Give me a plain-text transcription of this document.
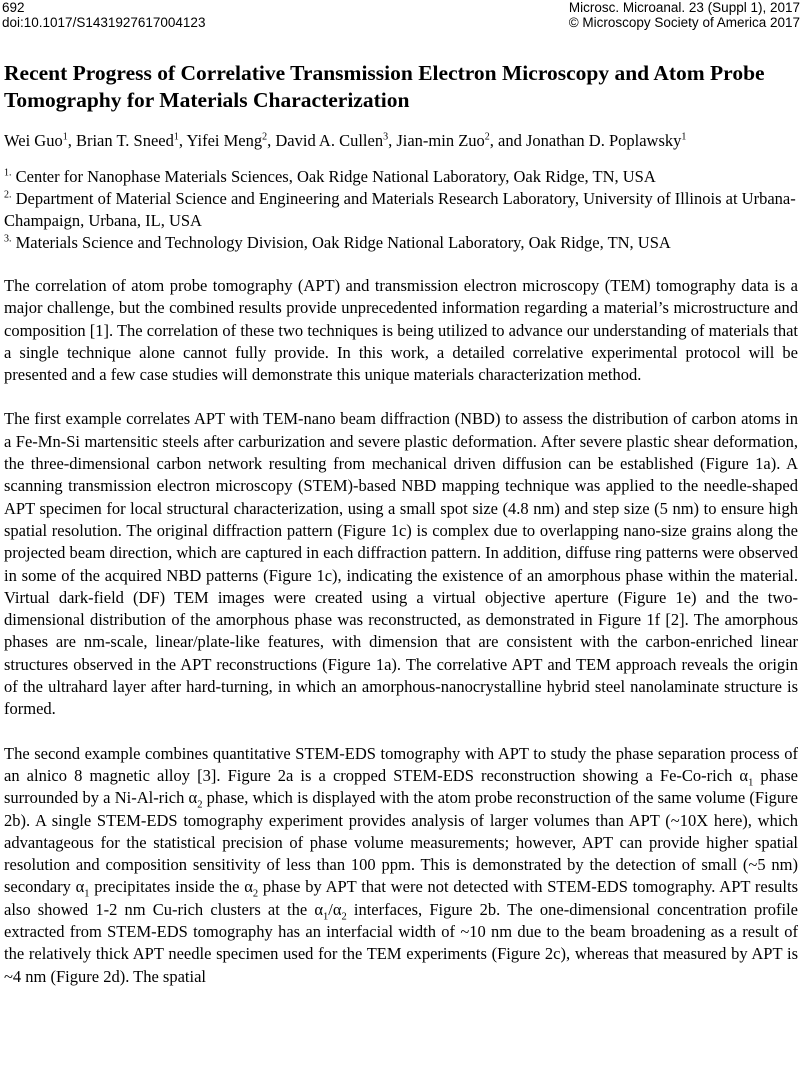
692
doi:10.1017/S1431927617004123
Microsc. Microanal. 23 (Suppl 1), 2017
© Microscopy Society of America 2017
Recent Progress of Correlative Transmission Electron Microscopy and Atom Probe Tomography for Materials Characterization
Wei Guo$^1$, Brian T. Sneed$^1$, Yifei Meng$^2$, David A. Cullen$^3$, Jian-min Zuo$^2$, and Jonathan D. Poplawsky$^1$

$^{1.}$ Center for Nanophase Materials Sciences, Oak Ridge National Laboratory, Oak Ridge, TN, USA

$^{2.}$ Department of Material Science and Engineering and Materials Research Laboratory, University of Illinois at Urbana-Champaign, Urbana, IL, USA

$^{3.}$ Materials Science and Technology Division, Oak Ridge National Laboratory, Oak Ridge, TN, USA

The correlation of atom probe tomography (APT) and transmission electron microscopy (TEM) tomography data is a major challenge, but the combined results provide unprecedented information regarding a material’s microstructure and composition [1]. The correlation of these two techniques is being utilized to advance our understanding of materials that a single technique alone cannot fully provide. In this work, a detailed correlative experimental protocol will be presented and a few case studies will demonstrate this unique materials characterization method.

The first example correlates APT with TEM-nano beam diffraction (NBD) to assess the distribution of carbon atoms in a Fe-Mn-Si martensitic steels after carburization and severe plastic deformation. After severe plastic shear deformation, the three-dimensional carbon network resulting from mechanical driven diffusion can be established (Figure 1a). A scanning transmission electron microscopy (STEM)-based NBD mapping technique was applied to the needle-shaped APT specimen for local structural characterization, using a small spot size (4.8 nm) and step size (5 nm) to ensure high spatial resolution. The original diffraction pattern (Figure 1c) is complex due to overlapping nano-size grains along the projected beam direction, which are captured in each diffraction pattern. In addition, diffuse ring patterns were observed in some of the acquired NBD patterns (Figure 1c), indicating the existence of an amorphous phase within the material. Virtual dark-field (DF) TEM images were created using a virtual objective aperture (Figure 1e) and the two-dimensional distribution of the amorphous phase was reconstructed, as demonstrated in Figure 1f [2]. The amorphous phases are nm-scale, linear/plate-like features, with dimension that are consistent with the carbon-enriched linear structures observed in the APT reconstructions (Figure 1a). The correlative APT and TEM approach reveals the origin of the ultrahard layer after hard-turning, in which an amorphous-nanocrystalline hybrid steel nanolaminate structure is formed.

The second example combines quantitative STEM-EDS tomography with APT to study the phase separation process of an alnico 8 magnetic alloy [3]. Figure 2a is a cropped STEM-EDS reconstruction showing a Fe-Co-rich $\alpha_1$ phase surrounded by a Ni-Al-rich $\alpha_2$ phase, which is displayed with the atom probe reconstruction of the same volume (Figure 2b). A single STEM-EDS tomography experiment provides analysis of larger volumes than APT (~10X here), which advantageous for the statistical precision of phase volume measurements; however, APT can provide higher spatial resolution and composition sensitivity of less than 100 ppm. This is demonstrated by the detection of small (~5 nm) secondary $\alpha_1$ precipitates inside the $\alpha_2$ phase by APT that were not detected with STEM-EDS tomography. APT results also showed 1-2 nm Cu-rich clusters at the $\alpha_1/\alpha_2$ interfaces, Figure 2b. The one-dimensional concentration profile extracted from STEM-EDS tomography has an interfacial width of ~10 nm due to the beam broadening as a result of the relatively thick APT needle specimen used for the TEM experiments (Figure 2c), whereas that measured by APT is ~4 nm (Figure 2d). The spatial
